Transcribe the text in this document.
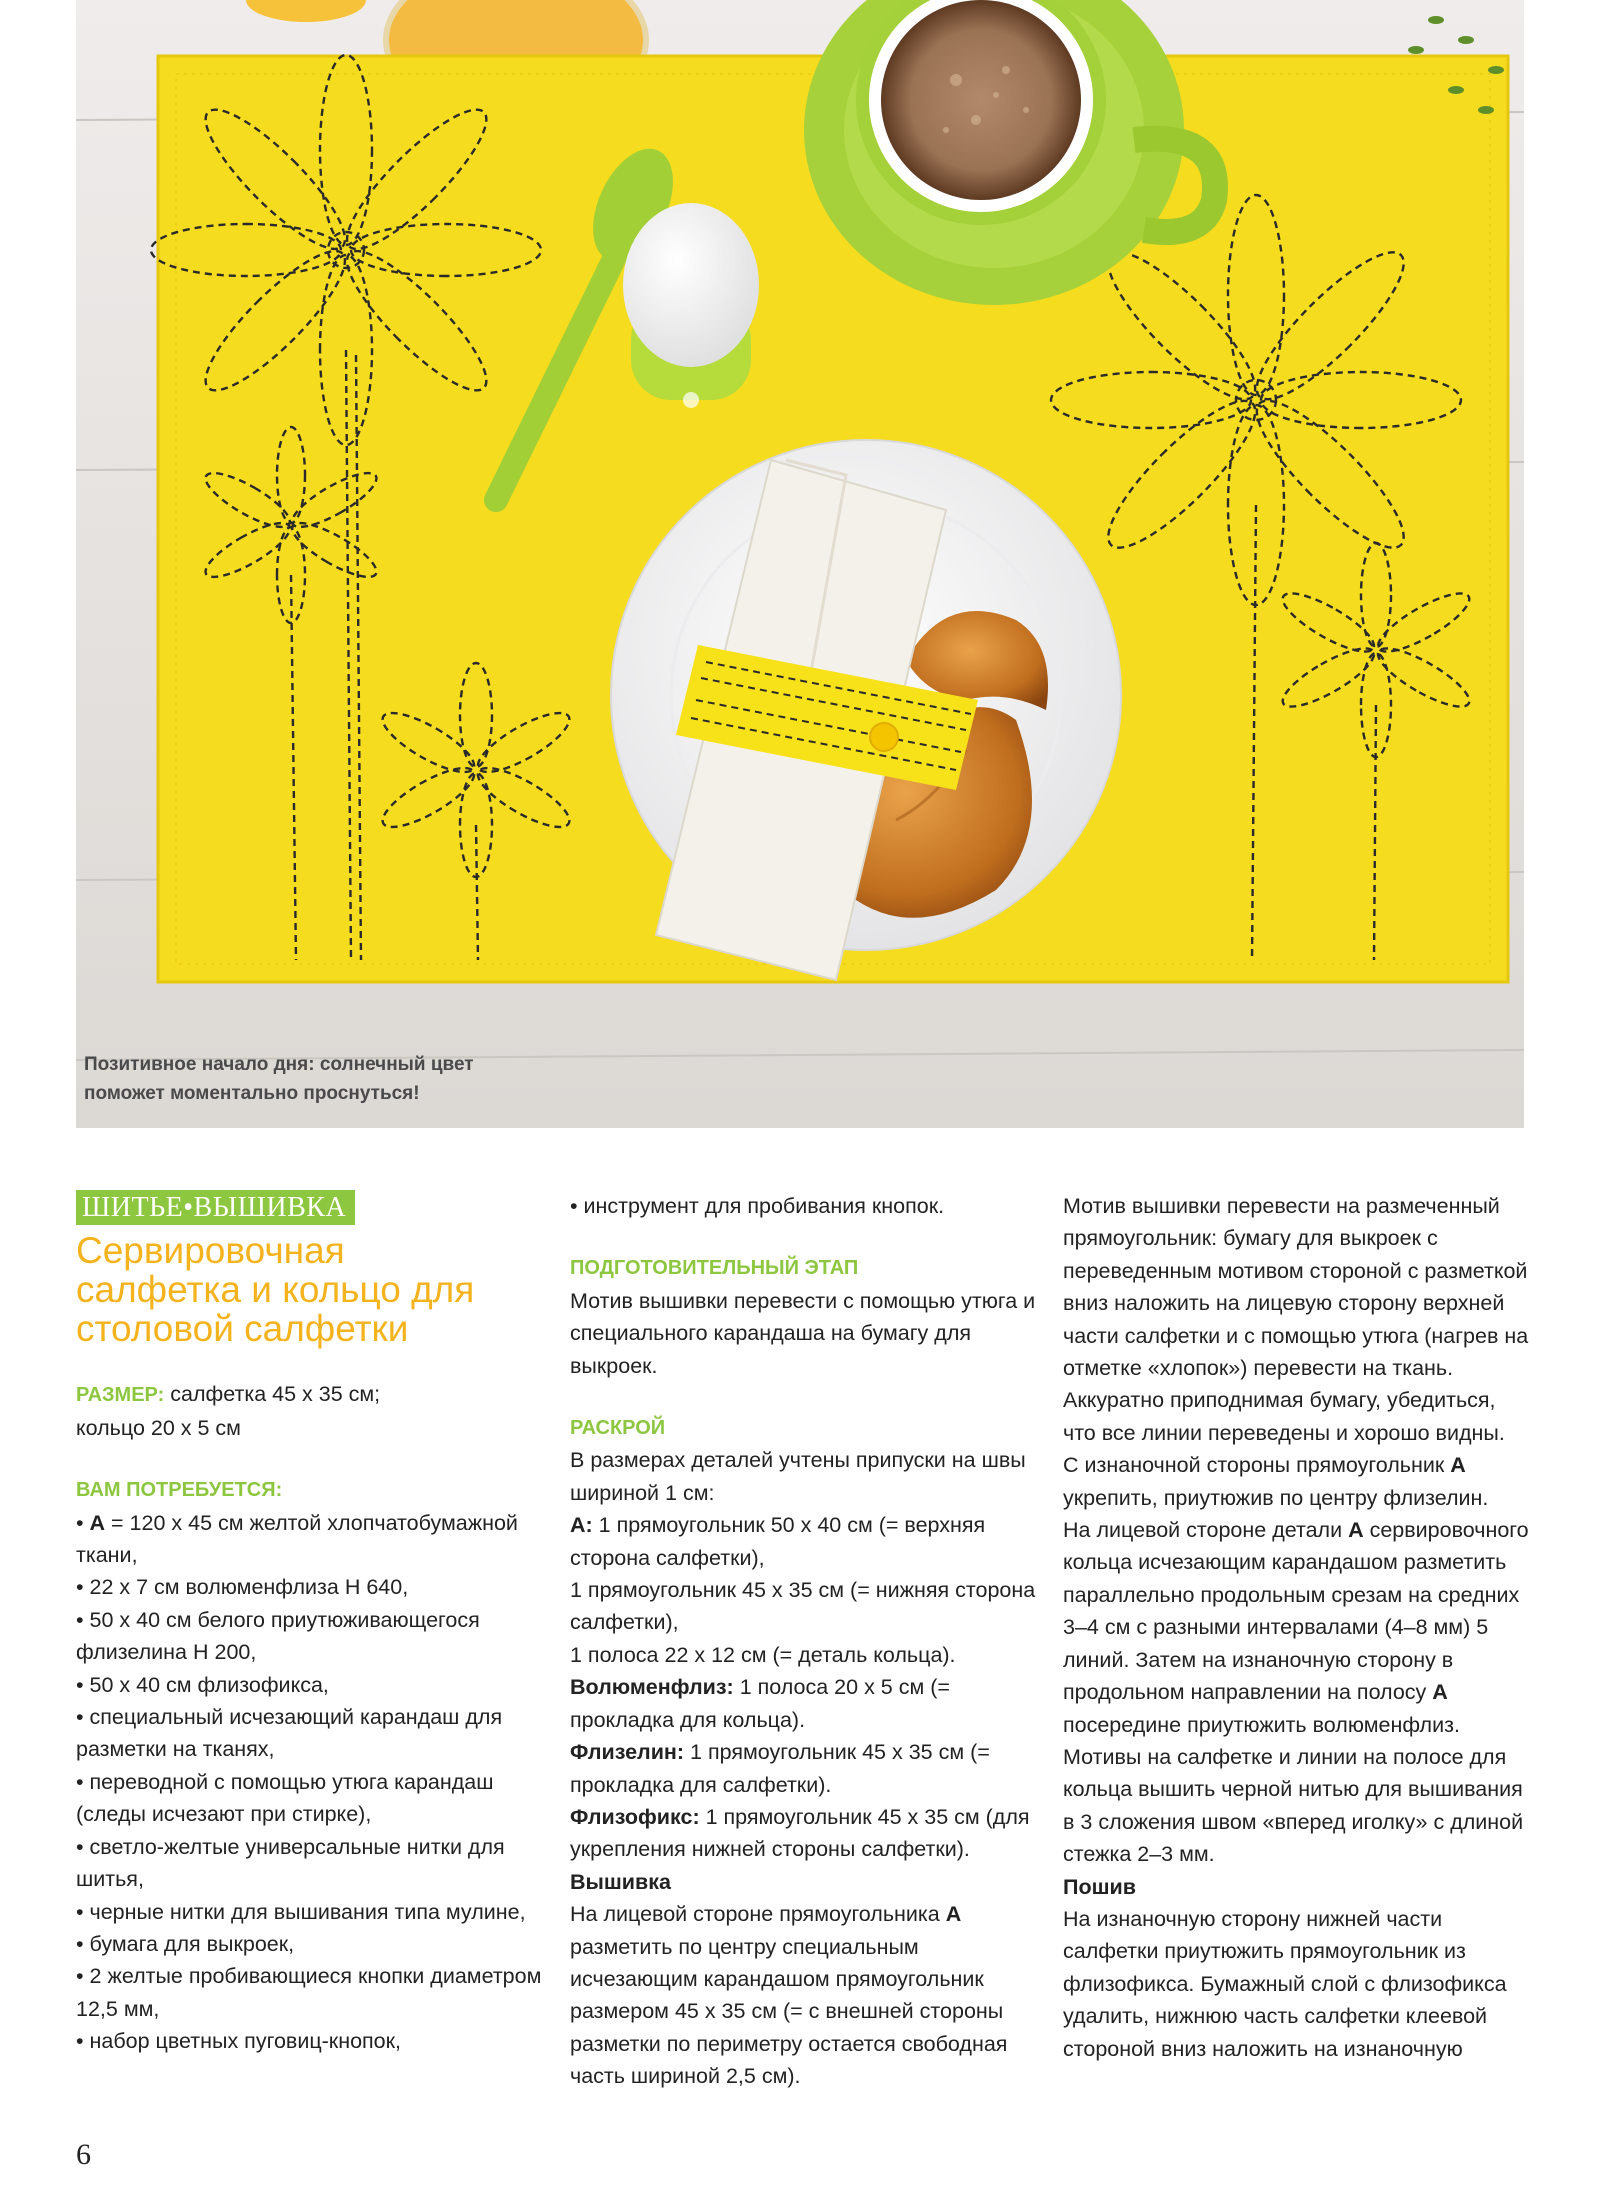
Позитивное начало дня: солнечный цвет
поможет моментально проснуться!
ШИТЬЕ•ВЫШИВКА
Сервировочная салфетка и кольцо для столовой салфетки

РАЗМЕР: салфетка 45 х 35 см;
кольцо 20 х 5 см

ВАМ ПОТРЕБУЕТСЯ:

• А = 120 х 45 см желтой хлопчатобумажной ткани,

• 22 х 7 см волюменфлиза Н 640,

• 50 х 40 см белого приутюживающегося флизелина Н 200,

• 50 х 40 см флизофикса,

• специальный исчезающий карандаш для разметки на тканях,

• переводной с помощью утюга карандаш (следы исчезают при стирке),

• светло-желтые универсальные нитки для шитья,

• черные нитки для вышивания типа мулине,

• бумага для выкроек,

• 2 желтые пробивающиеся кнопки диаметром 12,5 мм,

• набор цветных пуговиц-кнопок,

• инструмент для пробивания кнопок.

ПОДГОТОВИТЕЛЬНЫЙ ЭТАП

Мотив вышивки перевести с помощью утюга и специального карандаша на бумагу для выкроек.

РАСКРОЙ

В размерах деталей учтены припуски на швы шириной 1 см:

А: 1 прямоугольник 50 х 40 см (= верхняя сторона салфетки),

1 прямоугольник 45 х 35 см (= нижняя сторона салфетки),

1 полоса 22 х 12 см (= деталь кольца).

Волюменфлиз: 1 полоса 20 х 5 см (= прокладка для кольца).

Флизелин: 1 прямоугольник 45 х 35 см (= прокладка для салфетки).

Флизофикс: 1 прямоугольник 45 х 35 см (для укрепления нижней стороны салфетки).

Вышивка

На лицевой стороне прямоугольника А разметить по центру специальным исчезающим карандашом прямоугольник размером 45 х 35 см (= с внешней стороны разметки по периметру остается свободная часть шириной 2,5 см).

Мотив вышивки перевести на размеченный прямоугольник: бумагу для выкроек с переведенным мотивом стороной с разметкой вниз наложить на лицевую сторону верхней части салфетки и с помощью утюга (нагрев на отметке «хлопок») перевести на ткань. Аккуратно приподнимая бумагу, убедиться, что все линии переведены и хорошо видны.

С изнаночной стороны прямоугольник А укрепить, приутюжив по центру флизелин.

На лицевой стороне детали А сервировочного кольца исчезающим карандашом разметить параллельно продольным срезам на средних 3–4 см с разными интервалами (4–8 мм) 5 линий. Затем на изнаночную сторону в продольном направлении на полосу А посередине приутюжить волюменфлиз.

Мотивы на салфетке и линии на полосе для кольца вышить черной нитью для вышивания в 3 сложения швом «вперед иголку» с длиной стежка 2–3 мм.

Пошив

На изнаночную сторону нижней части салфетки приутюжить прямоугольник из флизофикса. Бумажный слой с флизофикса удалить, нижнюю часть салфетки клеевой стороной вниз наложить на изнаночную

6
